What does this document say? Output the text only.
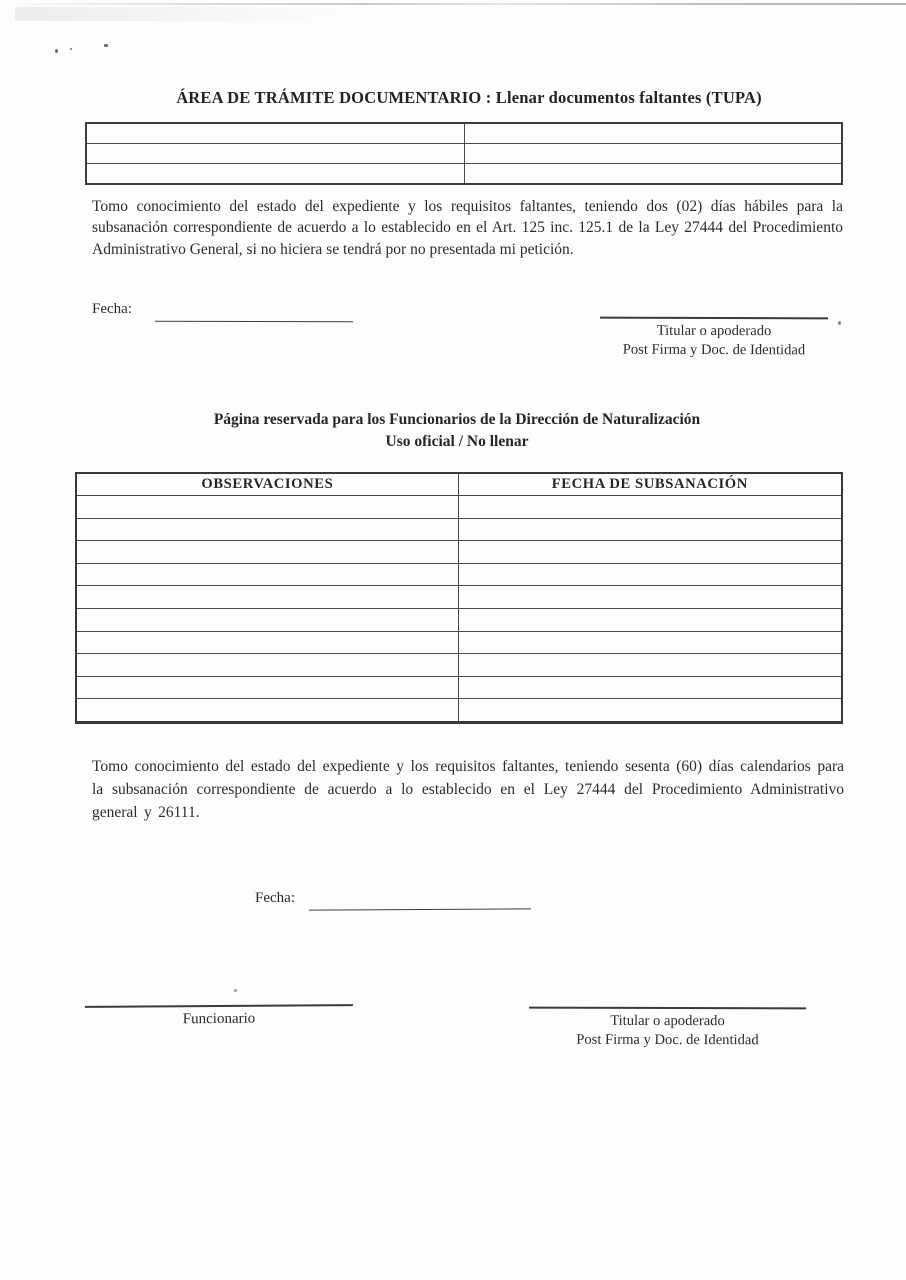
ÁREA DE TRÁMITE DOCUMENTARIO : Llenar documentos faltantes (TUPA)

Tomo conocimiento del estado del expediente y los requisitos faltantes, teniendo dos (02) días hábiles para la subsanación correspondiente de acuerdo a lo establecido en el Art. 125 inc. 125.1 de la Ley 27444 del Procedimiento Administrativo General, si no hiciera se tendrá por no presentada mi petición.
Fecha:
Titular o apoderado
Post Firma y Doc. de Identidad
Página reservada para los Funcionarios de la Dirección de Naturalización
Uso oficial / No llenar
OBSERVACIONES	FECHA DE SUBSANACIÓN

Tomo conocimiento del estado del expediente y los requisitos faltantes, teniendo sesenta (60) días calendarios para la subsanación correspondiente de acuerdo a lo establecido en el Ley 27444 del Procedimiento Administrativo general y 26111.
Fecha:
Funcionario	Titular o apoderado
Post Firma y Doc. de Identidad
